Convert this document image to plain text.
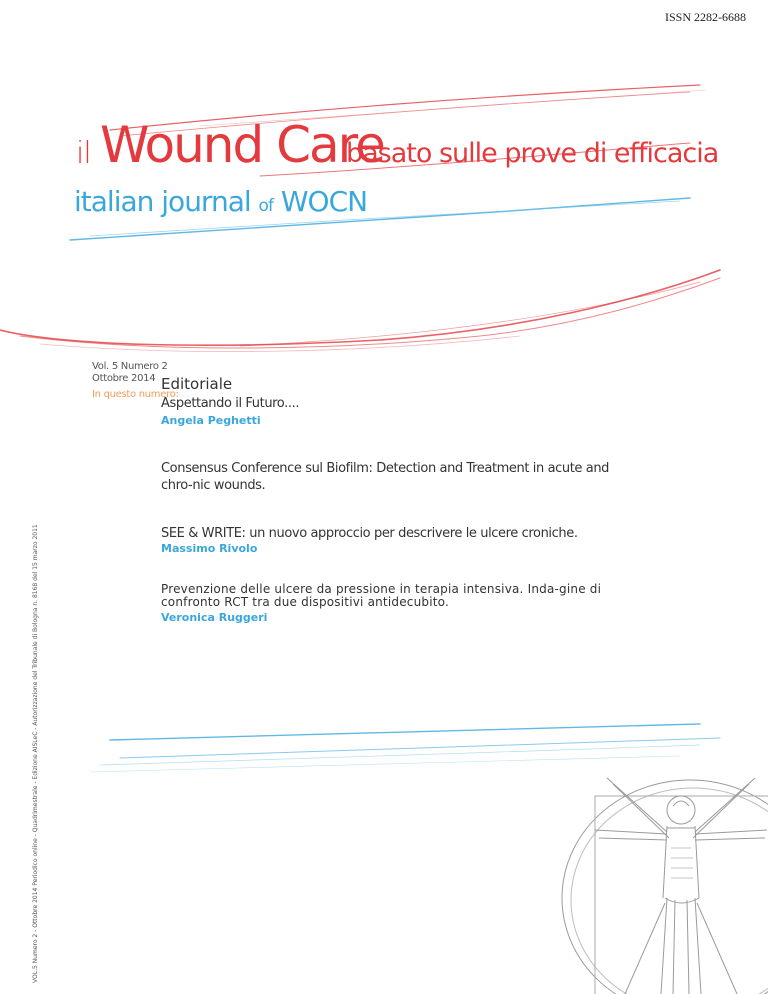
ISSN 2282-6688
il Wound Care
basato sulle prove di efficacia
italian journal of WOCN
Vol. 5 Numero 2
Ottobre 2014
In questo numero:
Editoriale
Aspettando il Futuro....
Angela Peghetti
Consensus Conference sul Biofilm: Detection and Treatment in acute and chro-nic wounds.
SEE & WRITE: un nuovo approccio per descrivere le ulcere croniche.
Massimo Rivolo
Prevenzione delle ulcere da pressione in terapia intensiva. Inda-gine di confronto RCT tra due dispositivi antidecubito.
Veronica Ruggeri
VOL.5 Numero 2 - Ottobre 2014 Periodico online - Quadrimestrale - Edizione AISLeC - Autorizzazione del Tribunale di Bologna n. 8168 del 15 marzo 2011
